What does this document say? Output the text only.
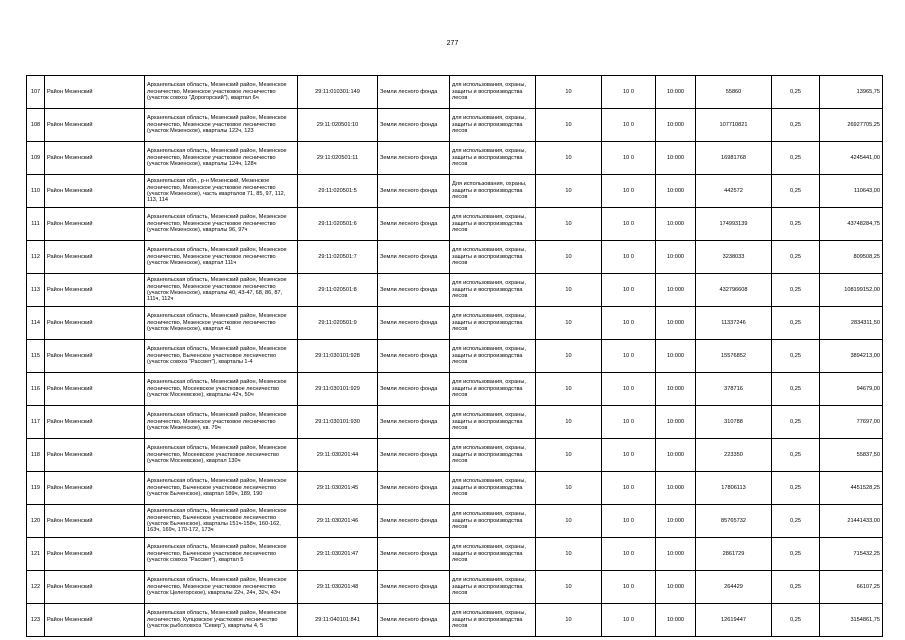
277
107	Район Мезенский	Архангельская область, Мезенский район, Мезенское лесничество, Мезенское участковое лесничество (участок совхоз "Дорогорский"), квартал 6ч	29:11:010301:149	Земли лесного фонда	для использования, охраны, защиты и воспроизводства лесов	10	10 0	10:000	55860	0,25	13965,75
108	Район Мезенский	Архангельская область, Мезенский район, Мезенское лесничество, Мезенское участковое лесничество (участок Мезенское), кварталы 122ч, 123	29:11:020501:10	Земли лесного фонда	для использования, охраны, защиты и воспроизводства лесов	10	10 0	10:000	107710821	0,25	26927705,25
109	Район Мезенский	Архангельская область, Мезенский район, Мезенское лесничество, Мезенское участковое лесничество (участок Мезенское), кварталы 124ч, 128ч	29:11:020501:11	Земли лесного фонда	для использования, охраны, защиты и воспроизводства лесов	10	10 0	10:000	16981768	0,25	4245441,00
110	Район Мезенский	Архангельская обл., р-н Мезенский, Мезенское лесничество, Мезенское участковое лесничество (участок Мезенское), часть кварталов 71, 85, 97, 112, 113, 114	29:11:020501:5	Земли лесного фонда	Для использования, охраны, защиты и воспроизводства лесов	10	10 0	10:000	442572	0,25	110643,00
111	Район Мезенский	Архангельская область, Мезенский район, Мезенское лесничество, Мезенское участковое лесничество (участок Мезенское), кварталы 96, 97ч	29:11:020501:6	Земли лесного фонда	для использования, охраны, защиты и воспроизводства лесов	10	10 0	10:000	174993139	0,25	43748284,75
112	Район Мезенский	Архангельская область, Мезенский район, Мезенское лесничество, Мезенское участковое лесничество (участок Мезенское), квартал 111ч	29:11:020501:7	Земли лесного фонда	для использования, охраны, защиты и воспроизводства лесов	10	10 0	10:000	3238033	0,25	809508,25
113	Район Мезенский	Архангельская область, Мезенский район, Мезенское лесничество, Мезенское участковое лесничество (участок Мезенское), кварталы 40, 43-47, 68, 86, 87, 111ч, 112ч	29:11:020501:8	Земли лесного фонда	для использования, охраны, защиты и воспроизводства лесов	10	10 0	10:000	432796608	0,25	108199152,00
114	Район Мезенский	Архангельская область, Мезенский район, Мезенское лесничество, Мезенское участковое лесничество (участок Мезенское), квартал 41	29:11:020501:9	Земли лесного фонда	для использования, охраны, защиты и воспроизводства лесов	10	10 0	10:000	11337246	0,25	2834311,50
115	Район Мезенский	Архангельская область, Мезенский район, Мезенское лесничество, Быченское участковое лесничество (участок совхоз "Рассвет"), кварталы 1-4	29:11:030101:928	Земли лесного фонда	для использования, охраны, защиты и воспроизводства лесов	10	10 0	10:000	15576852	0,25	3894213,00
116	Район Мезенский	Архангельская область, Мезенский район, Мезенское лесничество, Мосеевское участковое лесничество (участок Мосеевское), кварталы 42ч, 50ч	29:11:030101:929	Земли лесного фонда	для использования, охраны, защиты и воспроизводства лесов	10	10 0	10:000	378716	0,25	94679,00
117	Район Мезенский	Архангельская область, Мезенский район, Мезенское лесничество, Мезенское участковое лесничество (участок Мезенское), кв. 79ч	29:11:030101:930	Земли лесного фонда	для использования, охраны, защиты и воспроизводства лесов	10	10 0	10:000	310788	0,25	77697,00
118	Район Мезенский	Архангельская область, Мезенский район, Мезенское лесничество, Мосеевское участковое лесничество (участок Мосеевское), квартал 130ч	29:11:030201:44	Земли лесного фонда	для использования, охраны, защиты и воспроизводства лесов	10	10 0	10:000	223350	0,25	55837,50
119	Район Мезенский	Архангельская область, Мезенский район, Мезенское лесничество, Быченское участковое лесничество (участок Быченское), квартал 189ч, 189, 190	29:11:030201:45	Земли лесного фонда	для использования, охраны, защиты и воспроизводства лесов	10	10 0	10:000	17806113	0,25	4451528,25
120	Район Мезенский	Архангельская область, Мезенский район, Мезенское лесничество, Быченское участковое лесничество (участок Быченское), кварталы 151ч-158ч, 160-162, 163ч, 169ч, 170-172, 173ч	29:11:030201:46	Земли лесного фонда	для использования, охраны, защиты и воспроизводства лесов	10	10 0	10:000	85765732	0,25	21441433,00
121	Район Мезенский	Архангельская область, Мезенский район, Мезенское лесничество, Быченское участковое лесничество (участок совхоз "Рассвет"), квартал 5	29:11:030201:47	Земли лесного фонда	для использования, охраны, защиты и воспроизводства лесов	10	10 0	10:000	2861729	0,25	715432,25
122	Район Мезенский	Архангельская область, Мезенский район, Мезенское лесничество, Мезенское участковое лесничество (участок Целегорское), кварталы 22ч, 24ч, 32ч, 43ч	29:11:030201:48	Земли лесного фонда	для использования, охраны, защиты и воспроизводства лесов	10	10 0	10:000	264429	0,25	66107,25
123	Район Мезенский	Архангельская область, Мезенский район, Мезенское лесничество, Купцовское участковое лесничество (участок рыболовхоз "Север"), кварталы 4, 5	29:11:040101:841	Земли лесного фонда	для использования, охраны, защиты и воспроизводства лесов	10	10 0	10:000	12619447	0,25	3154861,75
